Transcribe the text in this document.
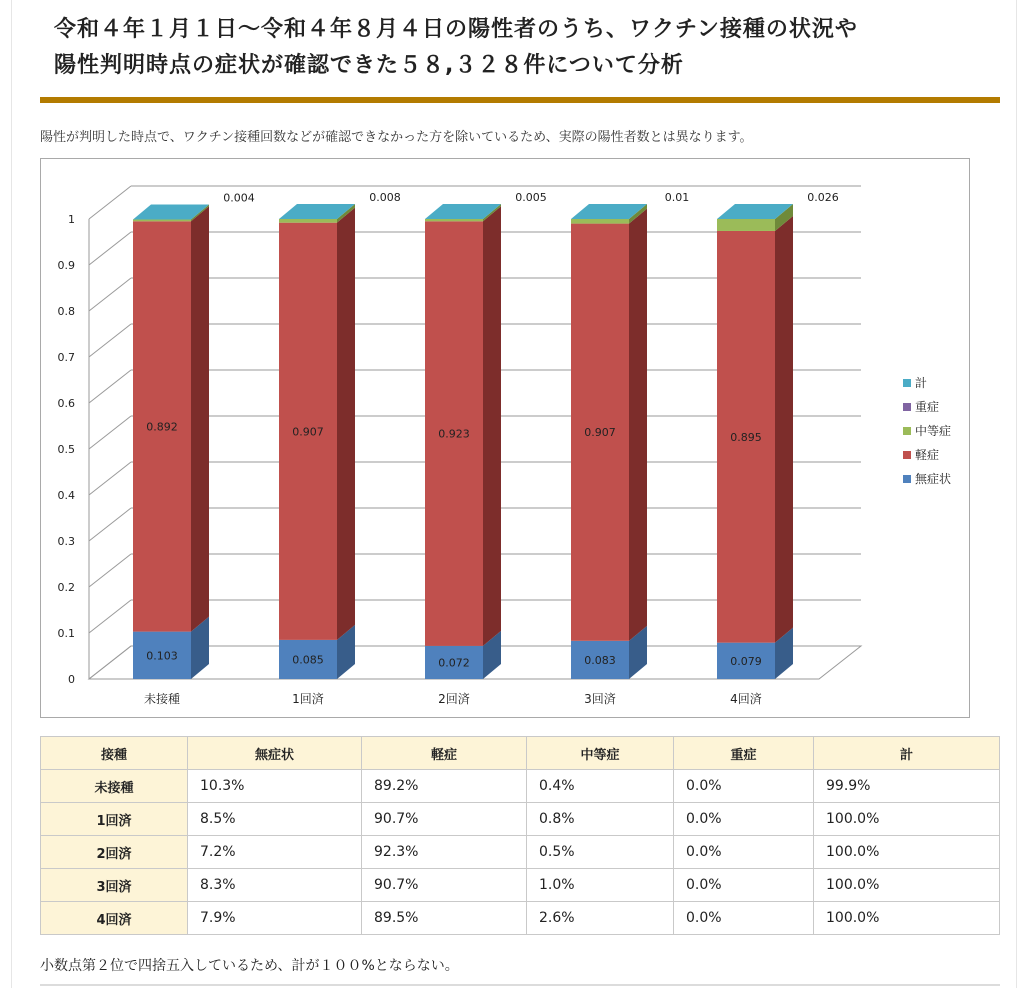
令和４年１月１日～令和４年８月４日の陽性者のうち、ワクチン接種の状況や
陽性判明時点の症状が確認できた５８,３２８件について分析
陽性が判明した時点で、ワクチン接種回数などが確認できなかった方を除いているため、実際の陽性者数とは異なります。
0
0.1
0.2
0.3
0.4
0.5
0.6
0.7
0.8
0.9
1
0.103
0.892
0.004
未接種
0.085
0.907
0.008
1回済
0.072
0.923
0.005
2回済
0.083
0.907
0.01
3回済
0.079
0.895
0.026
4回済
計
重症
中等症
軽症
無症状
接種	無症状	軽症	中等症	重症	計
未接種	10.3%	89.2%	0.4%	0.0%	99.9%
1回済	8.5%	90.7%	0.8%	0.0%	100.0%
2回済	7.2%	92.3%	0.5%	0.0%	100.0%
3回済	8.3%	90.7%	1.0%	0.0%	100.0%
4回済	7.9%	89.5%	2.6%	0.0%	100.0%
小数点第２位で四捨五入しているため、計が１００%とならない。
